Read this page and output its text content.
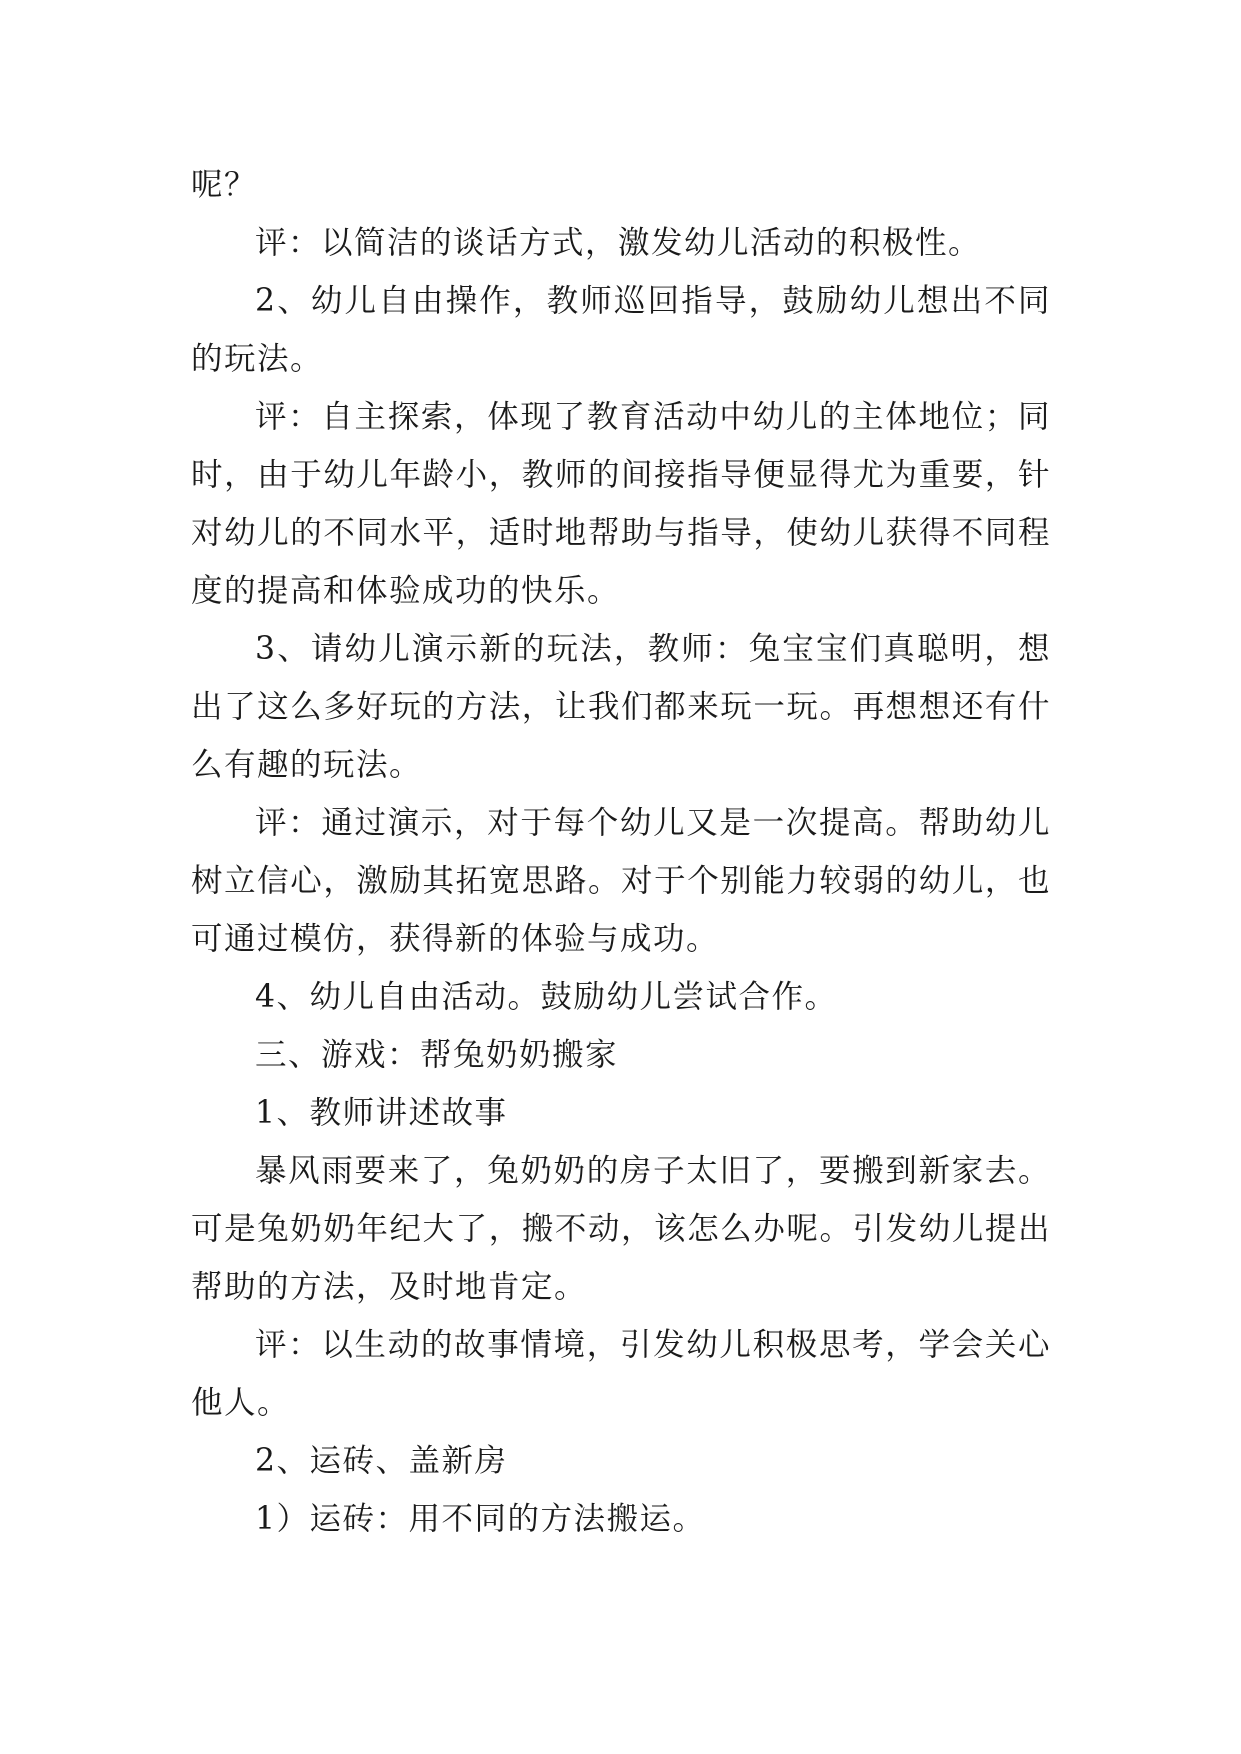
呢？

评：以简洁的谈话方式，激发幼儿活动的积极性。

2、幼儿自由操作，教师巡回指导，鼓励幼儿想出不同的玩法。

评：自主探索，体现了教育活动中幼儿的主体地位；同时，由于幼儿年龄小，教师的间接指导便显得尤为重要，针对幼儿的不同水平，适时地帮助与指导，使幼儿获得不同程度的提高和体验成功的快乐。

3、请幼儿演示新的玩法，教师：兔宝宝们真聪明，想出了这么多好玩的方法，让我们都来玩一玩。再想想还有什么有趣的玩法。

评：通过演示，对于每个幼儿又是一次提高。帮助幼儿树立信心，激励其拓宽思路。对于个别能力较弱的幼儿，也可通过模仿，获得新的体验与成功。

4、幼儿自由活动。鼓励幼儿尝试合作。

三、游戏：帮兔奶奶搬家

1、教师讲述故事

暴风雨要来了，兔奶奶的房子太旧了，要搬到新家去。可是兔奶奶年纪大了，搬不动，该怎么办呢。引发幼儿提出帮助的方法，及时地肯定。

评：以生动的故事情境，引发幼儿积极思考，学会关心他人。

2、运砖、盖新房

1）运砖：用不同的方法搬运。
